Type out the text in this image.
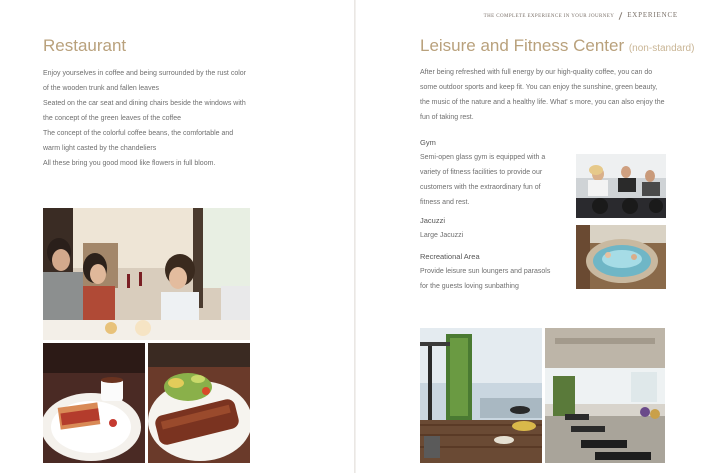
THE COMPLETE EXPERIENCE IN YOUR JOURNEY EXPERIENCE
Restaurant
Enjoy yourselves in coffee and being surrounded by the rust color
of the wooden trunk and fallen leaves
Seated on the car seat and dining chairs beside the windows with
the concept of the green leaves of the coffee
The concept of the colorful coffee beans, the comfortable and
warm light casted by the chandeliers
All these bring you good mood like flowers in full bloom.
Leisure and Fitness Center (non-standard)
After being refreshed with full energy by our high-quality coffee, you can do
some outdoor sports and keep fit. You can enjoy the sunshine, green beauty,
the music of the nature and a healthy life. What' s more, you can also enjoy the
fun of taking rest.
Gym
Semi-open glass gym is equipped with a
variety of fitness facilities to provide our
customers with the extraordinary fun of
fitness and rest.
Jacuzzi
Large Jacuzzi
Recreational Area
Provide leisure sun loungers and parasols
for the guests loving sunbathing
